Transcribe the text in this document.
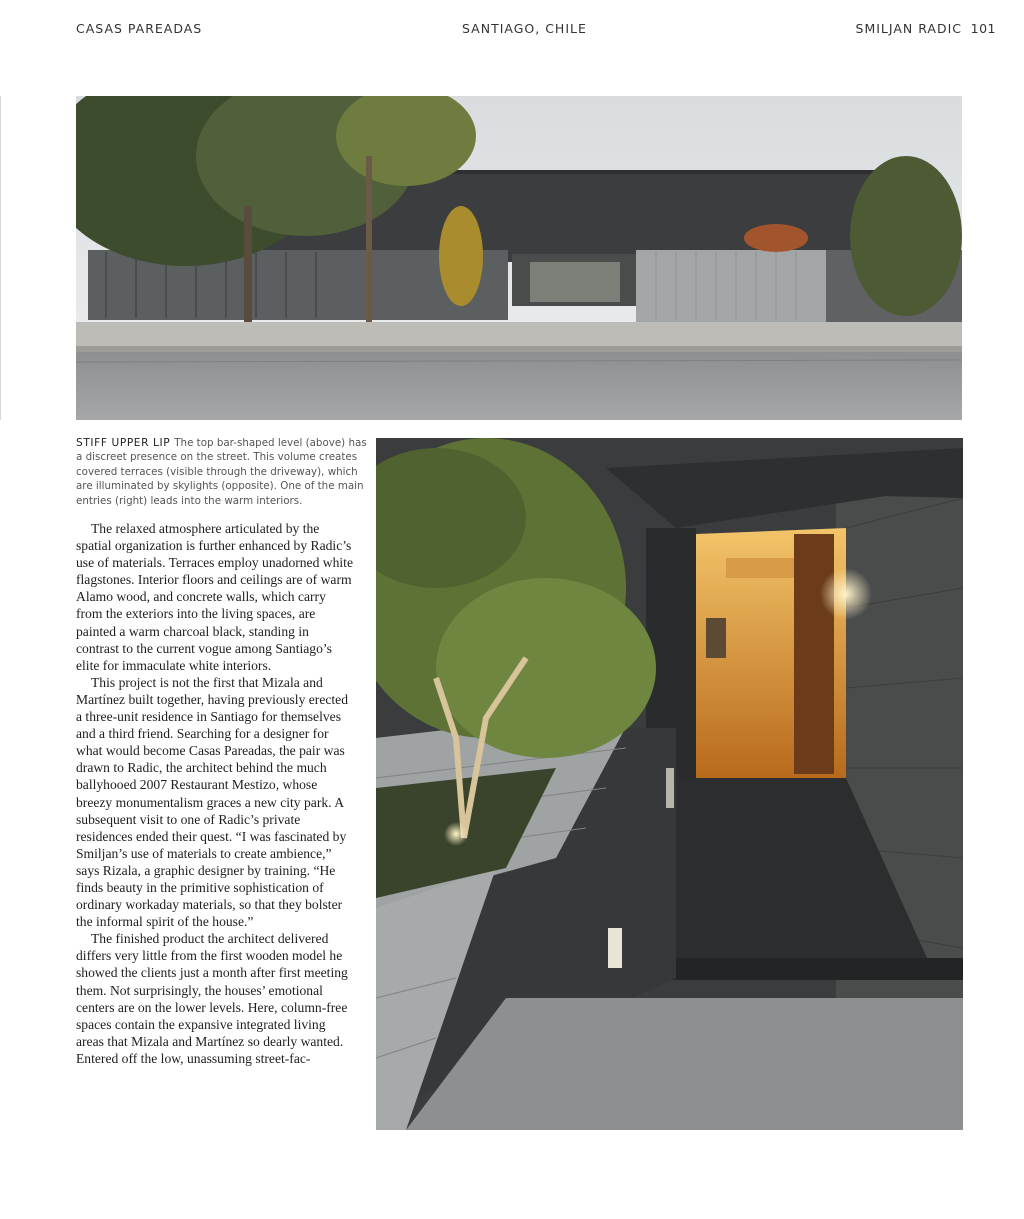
CASAS PAREADAS	SANTIAGO, CHILE	SMILJAN RADIC 101
STIFF UPPER LIP The top bar-shaped level (above) has a discreet presence on the street. This volume creates covered terraces (visible through the driveway), which are illuminated by skylights (opposite). One of the main entries (right) leads into the warm interiors.

The relaxed atmosphere articulated by the spatial organization is further enhanced by Radic’s use of materials. Terraces employ unadorned white flagstones. Interior floors and ceilings are of warm Alamo wood, and concrete walls, which carry from the exteriors into the living spaces, are painted a warm charcoal black, standing in contrast to the current vogue among Santiago’s elite for immaculate white interiors.

This project is not the first that Mizala and Martínez built together, having previously erected a three-unit residence in Santiago for themselves and a third friend. Searching for a designer for what would become Casas Pareadas, the pair was drawn to Radic, the architect behind the much ballyhooed 2007 Restaurant Mestizo, whose breezy monumentalism graces a new city park. A subsequent visit to one of Radic’s private residences ended their quest. “I was fascinated by Smiljan’s use of materials to create ambience,” says Rizala, a graphic designer by training. “He finds beauty in the primitive sophistication of ordinary workaday materials, so that they bolster the informal spirit of the house.”

The finished product the architect delivered differs very little from the first wooden model he showed the clients just a month after first meeting them. Not surprisingly, the houses’ emotional centers are on the lower levels. Here, column-free spaces contain the expansive integrated living areas that Mizala and Martínez so dearly wanted. Entered off the low, unassuming street-fac-
